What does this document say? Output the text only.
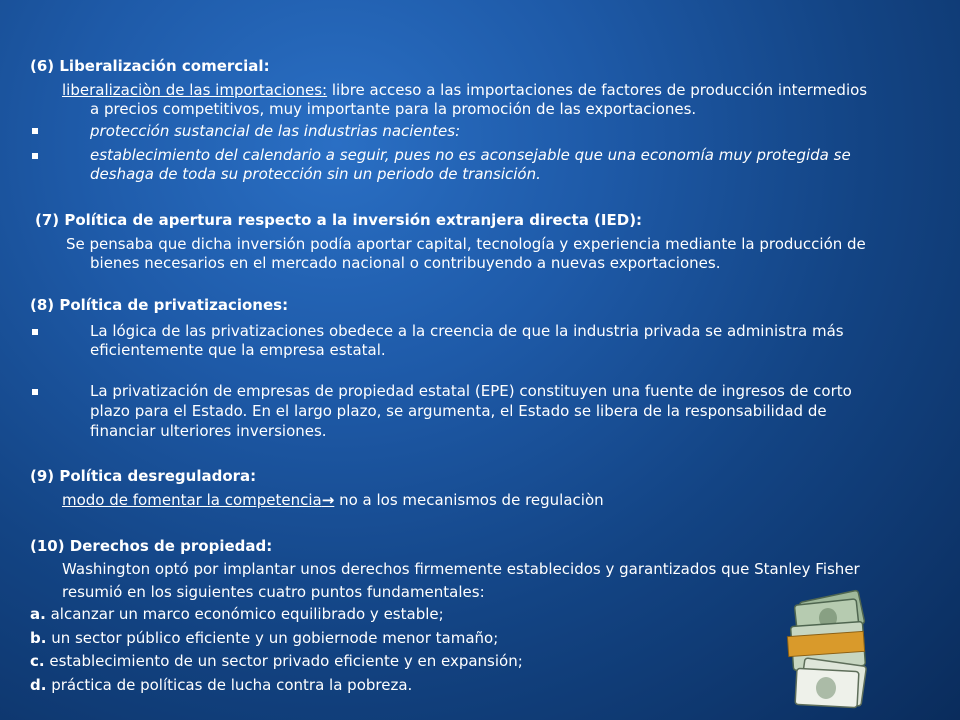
(6) Liberalización comercial:
liberalizaciòn de las importaciones: libre acceso a las importaciones de factores de producción intermedios
a precios competitivos, muy importante para la promoción de las exportaciones.
protección sustancial de las industrias nacientes:
establecimiento del calendario a seguir, pues no es aconsejable que una economía muy protegida se
deshaga de toda su protección sin un periodo de transición.
(7) Política de apertura respecto a la inversión extranjera directa (IED):
Se pensaba que dicha inversión podía aportar capital, tecnología y experiencia mediante la producción de
bienes necesarios en el mercado nacional o contribuyendo a nuevas exportaciones.
(8) Política de privatizaciones:
La lógica de las privatizaciones obedece a la creencia de que la industria privada se administra más
eficientemente que la empresa estatal.
La privatización de empresas de propiedad estatal (EPE) constituyen una fuente de ingresos de corto
plazo para el Estado. En el largo plazo, se argumenta, el Estado se libera de la responsabilidad de
financiar ulteriores inversiones.
(9) Política desreguladora:
modo de fomentar la competencia→ no a los mecanismos de regulaciòn
(10) Derechos de propiedad:
Washington optó por implantar unos derechos firmemente establecidos y garantizados que Stanley Fisher
resumió en los siguientes cuatro puntos fundamentales:
a. alcanzar un marco económico equilibrado y estable;
b. un sector público eficiente y un gobiernode menor tamaño;
c. establecimiento de un sector privado eficiente y en expansión;
d. práctica de políticas de lucha contra la pobreza.
